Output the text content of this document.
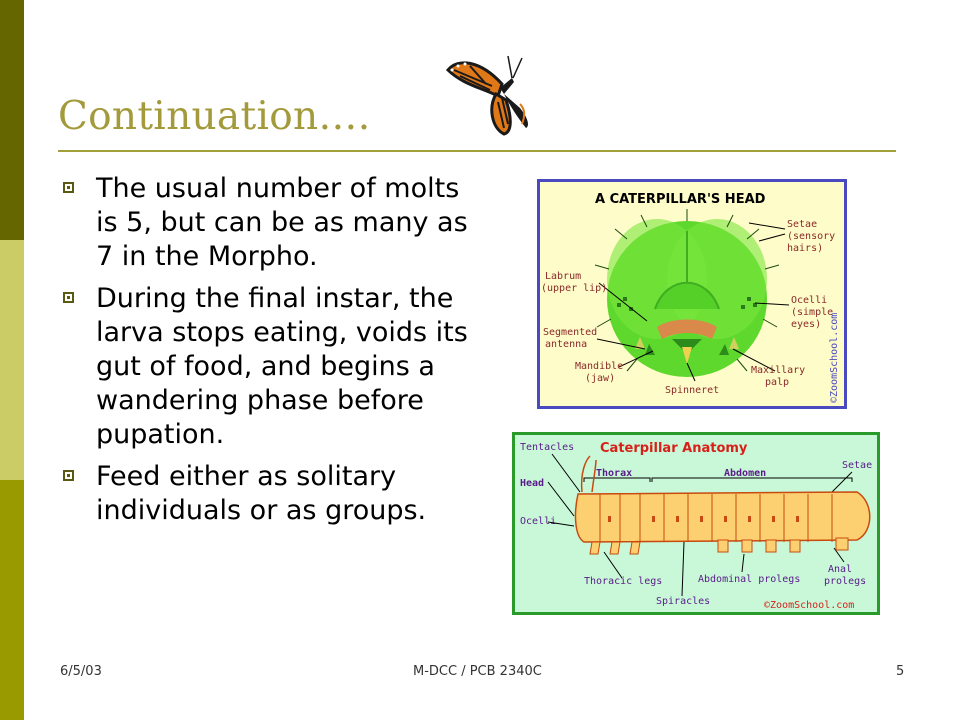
Continuation….
The usual number of molts is 5, but can be as many as 7 in the Morpho.
During the final instar, the larva stops eating, voids its gut of food, and begins a wandering phase before pupation.
Feed either as solitary individuals or as groups.
A CATERPILLAR'S HEAD
Setae
(sensory
hairs)
Labrum
(upper lip)
Ocelli
(simple
eyes)
Segmented
antenna
Mandible
(jaw)
Spinneret
Maxillary
palp	©ZoomSchool.com
Caterpillar Anatomy
Tentacles
Thorax	Abdomen
Setae
Head
Ocelli
Thoracic legs	Abdominal prolegs
Anal
prolegs
Spiracles	©ZoomSchool.com
6/5/03	M-DCC / PCB 2340C	5
